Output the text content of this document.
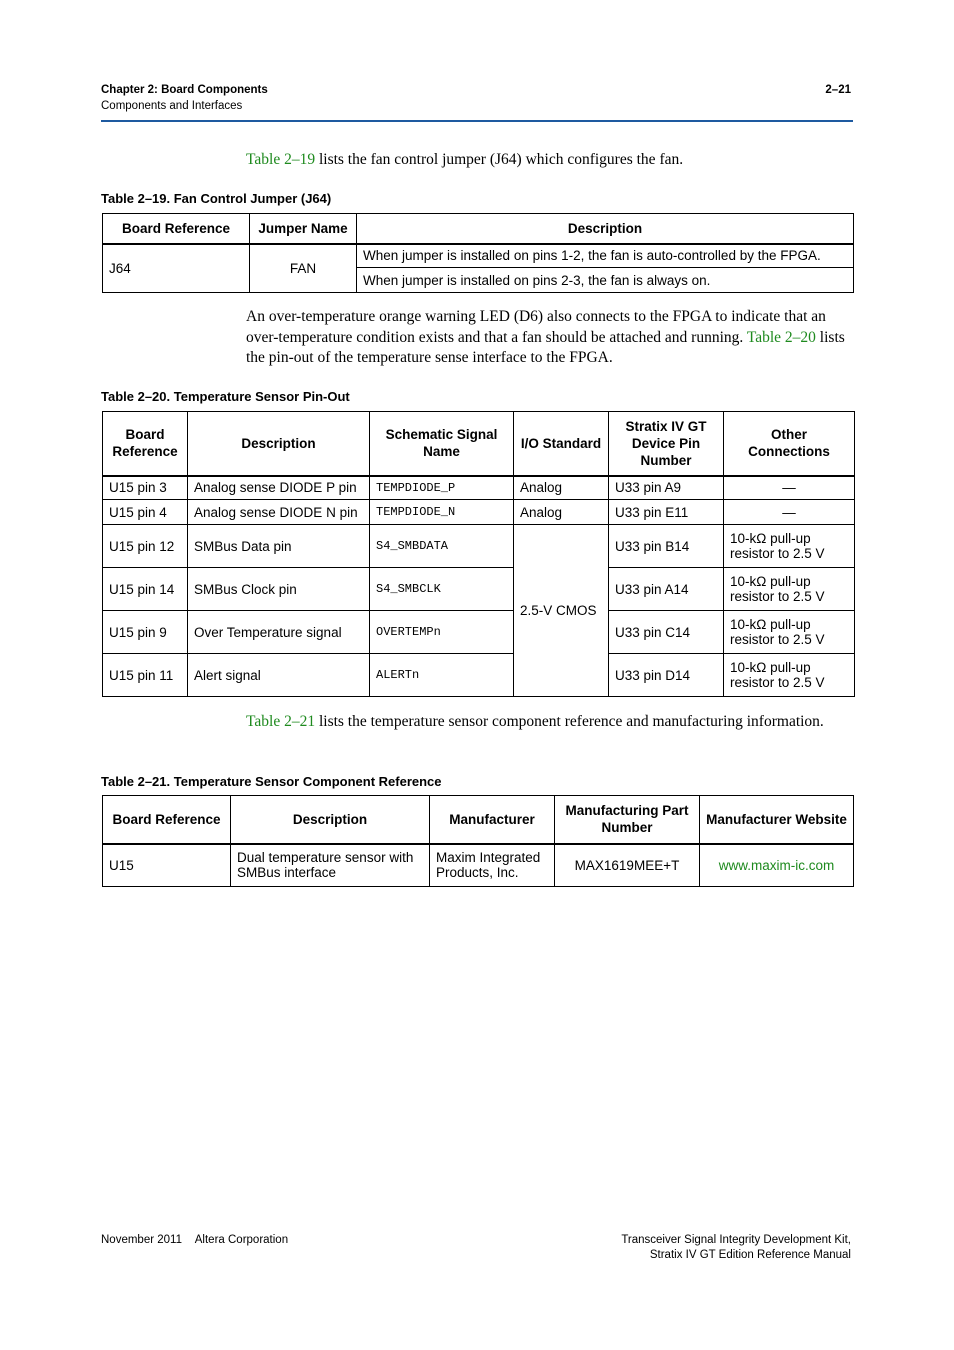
Chapter 2: Board Components
Components and Interfaces
2–21
Table 2–19 lists the fan control jumper (J64) which configures the fan.
Table 2–19. Fan Control Jumper (J64)
Board Reference	Jumper Name	Description
J64	FAN	When jumper is installed on pins 1-2, the fan is auto-controlled by the FPGA.
		When jumper is installed on pins 2-3, the fan is always on.
An over-temperature orange warning LED (D6) also connects to the FPGA to indicate that an over-temperature condition exists and that a fan should be attached and running. Table 2–20 lists the pin-out of the temperature sense interface to the FPGA.
Table 2–20. Temperature Sensor Pin-Out
Board Reference	Description	Schematic Signal Name	I/O Standard	Stratix IV GT Device Pin Number	Other Connections
U15 pin 3	Analog sense DIODE P pin	TEMPDIODE_P	Analog	U33 pin A9	—
U15 pin 4	Analog sense DIODE N pin	TEMPDIODE_N	Analog	U33 pin E11	—
U15 pin 12	SMBus Data pin	S4_SMBDATA	2.5-V CMOS	U33 pin B14	10-kΩ pull-up resistor to 2.5 V
U15 pin 14	SMBus Clock pin	S4_SMBCLK		U33 pin A14	10-kΩ pull-up resistor to 2.5 V
U15 pin 9	Over Temperature signal	OVERTEMPn		U33 pin C14	10-kΩ pull-up resistor to 2.5 V
U15 pin 11	Alert signal	ALERTn		U33 pin D14	10-kΩ pull-up resistor to 2.5 V
Table 2–21 lists the temperature sensor component reference and manufacturing information.
Table 2–21. Temperature Sensor Component Reference
Board Reference	Description	Manufacturer	Manufacturing Part Number	Manufacturer Website
U15	Dual temperature sensor with SMBus interface	Maxim Integrated Products, Inc.	MAX1619MEE+T	www.maxim-ic.com
November 2011 Altera Corporation	Transceiver Signal Integrity Development Kit,
Stratix IV GT Edition Reference Manual
